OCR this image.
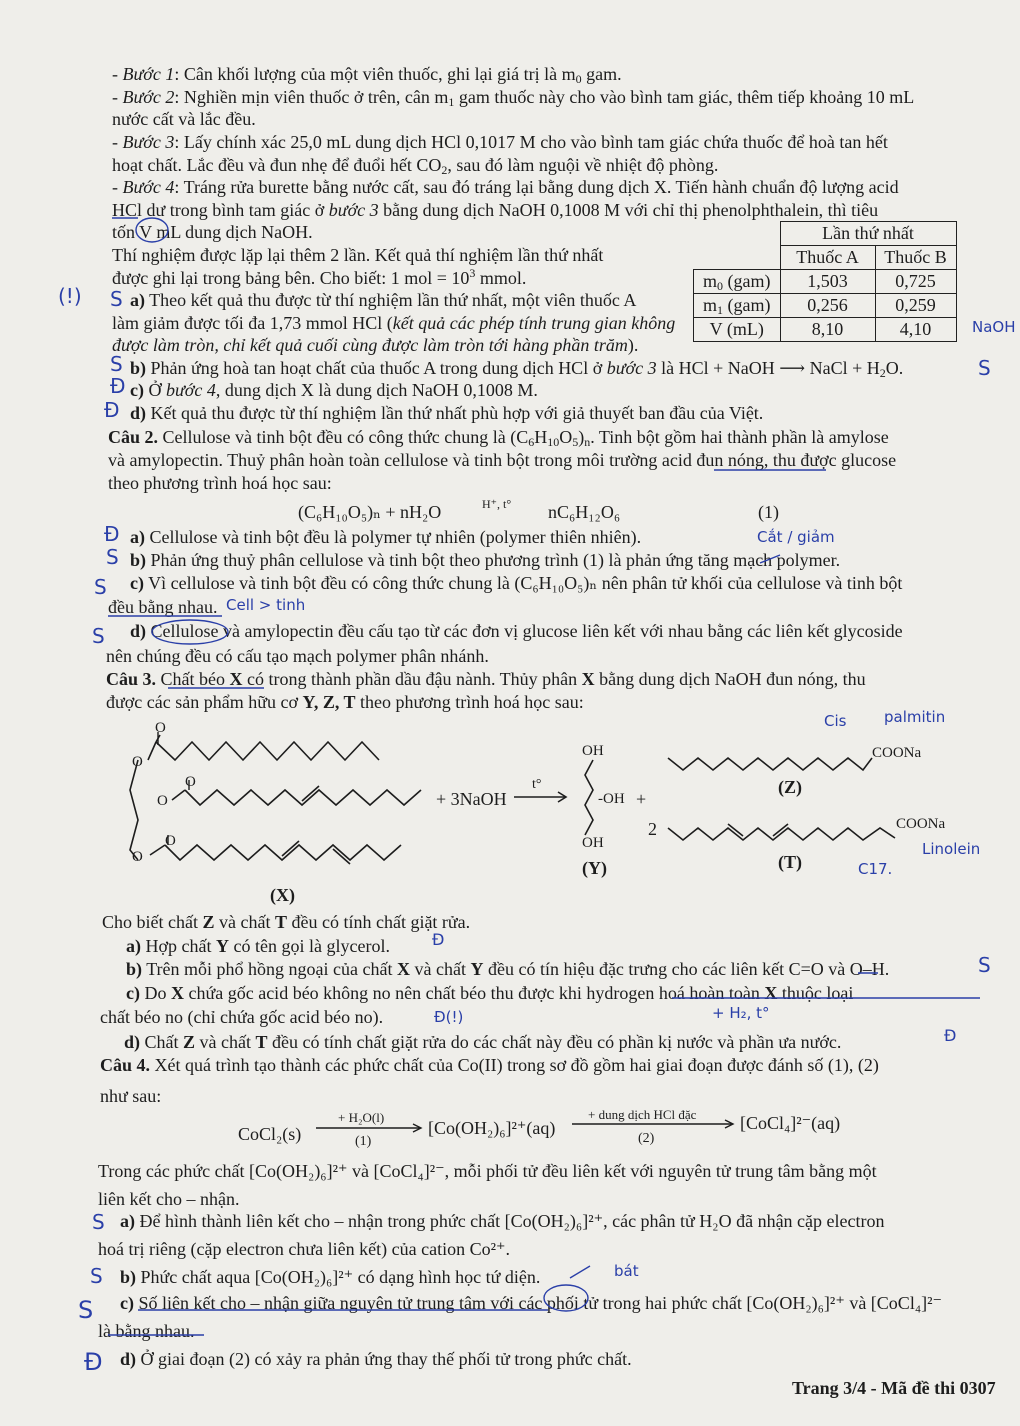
- Bước 1: Cân khối lượng của một viên thuốc, ghi lại giá trị là $m_0$ gam.
- Bước 2: Nghiền mịn viên thuốc ở trên, cân $m_1$ gam thuốc này cho vào bình tam giác, thêm tiếp khoảng 10 mL
nước cất và lắc đều.
- Bước 3: Lấy chính xác 25,0 mL dung dịch HCl 0,1017 M cho vào bình tam giác chứa thuốc để hoà tan hết
hoạt chất. Lắc đều và đun nhẹ để đuổi hết $CO_2$, sau đó làm nguội về nhiệt độ phòng.
- Bước 4: Tráng rửa burette bằng nước cất, sau đó tráng lại bằng dung dịch X. Tiến hành chuẩn độ lượng acid
HCl dư trong bình tam giác ở bước 3 bằng dung dịch NaOH 0,1008 M với chỉ thị phenolphthalein, thì tiêu
tốn V mL dung dịch NaOH.
Thí nghiệm được lặp lại thêm 2 lần. Kết quả thí nghiệm lần thứ nhất
được ghi lại trong bảng bên. Cho biết: 1 mol = $10^3$ mmol.
	Lần thứ nhất	
	Thuốc A	Thuốc B
$m_0$ (gam)	1,503	0,725
$m_1$ (gam)	0,256	0,259
V (mL)	8,10	4,10
a) Theo kết quả thu được từ thí nghiệm lần thứ nhất, một viên thuốc A
làm giảm được tối đa 1,73 mmol HCl (kết quả các phép tính trung gian không
được làm tròn, chỉ kết quả cuối cùng được làm tròn tới hàng phần trăm).
b) Phản ứng hoà tan hoạt chất của thuốc A trong dung dịch HCl ở bước 3 là HCl + NaOH ⟶ NaCl + $H_2O$.
c) Ở bước 4, dung dịch X là dung dịch NaOH 0,1008 M.
d) Kết quả thu được từ thí nghiệm lần thứ nhất phù hợp với giả thuyết ban đầu của Việt.
Câu 2. Cellulose và tinh bột đều có công thức chung là $(C_6H_{10}O_5)_n$. Tinh bột gồm hai thành phần là amylose
và amylopectin. Thuỷ phân hoàn toàn cellulose và tinh bột trong môi trường acid đun nóng, thu được glucose
theo phương trình hoá học sau:
(C₆H₁₀O₅)ₙ + nH₂O	H⁺, t° nC₆H₁₂O₆	(1)
a) Cellulose và tinh bột đều là polymer tự nhiên (polymer thiên nhiên).
b) Phản ứng thuỷ phân cellulose và tinh bột theo phương trình (1) là phản ứng tăng mạch polymer.
c) Vì cellulose và tinh bột đều có công thức chung là (C₆H₁₀O₅)ₙ nên phân tử khối của cellulose và tinh bột
đều bằng nhau.
d) Cellulose và amylopectin đều cấu tạo từ các đơn vị glucose liên kết với nhau bằng các liên kết glycoside
nên chúng đều có cấu tạo mạch polymer phân nhánh.
Câu 3. Chất béo X có trong thành phần dầu đậu nành. Thủy phân X bằng dung dịch NaOH đun nóng, thu
được các sản phẩm hữu cơ Y, Z, T theo phương trình hoá học sau:
O
O
O
O
O
O
(X)
+ 3NaOH
t°
OH
-OH +
OH
(Y)
COONa
(Z)
2	COONa
(T)
Cho biết chất Z và chất T đều có tính chất giặt rửa.
a) Hợp chất Y có tên gọi là glycerol.
b) Trên mỗi phổ hồng ngoại của chất X và chất Y đều có tín hiệu đặc trưng cho các liên kết C=O và O–H.
c) Do X chứa gốc acid béo không no nên chất béo thu được khi hydrogen hoá hoàn toàn X thuộc loại
chất béo no (chỉ chứa gốc acid béo no).
d) Chất Z và chất T đều có tính chất giặt rửa do các chất này đều có phần kị nước và phần ưa nước.
Câu 4. Xét quá trình tạo thành các phức chất của Co(II) trong sơ đồ gồm hai giai đoạn được đánh số (1), (2)
như sau:
CoCl₂(s)
+ H₂O(l)
(1)
[Co(OH₂)₆]²⁺(aq)
+ dung dịch HCl đặc
(2)
[CoCl₄]²⁻(aq)
Trong các phức chất [Co(OH₂)₆]²⁺ và [CoCl₄]²⁻, mỗi phối tử đều liên kết với nguyên tử trung tâm bằng một
liên kết cho – nhận.
a) Để hình thành liên kết cho – nhận trong phức chất [Co(OH₂)₆]²⁺, các phân tử H₂O đã nhận cặp electron
hoá trị riêng (cặp electron chưa liên kết) của cation Co²⁺.
b) Phức chất aqua [Co(OH₂)₆]²⁺ có dạng hình học tứ diện.
c) Số liên kết cho – nhận giữa nguyên tử trung tâm với các phối tử trong hai phức chất [Co(OH₂)₆]²⁺ và [CoCl₄]²⁻
là bằng nhau.
d) Ở giai đoạn (2) có xảy ra phản ứng thay thế phối tử trong phức chất.
Trang 3/4 - Mã đề thi 0307
(!) S
NaOH
S	S
Đ
Đ
Đ	Cắt / giảm
S
S
Cell > tinh
S
Cis	palmitin
Linolein
C17.
Đ
S
Đ(!)	+ H₂, t°
Đ
S
S	bát
S
Đ
